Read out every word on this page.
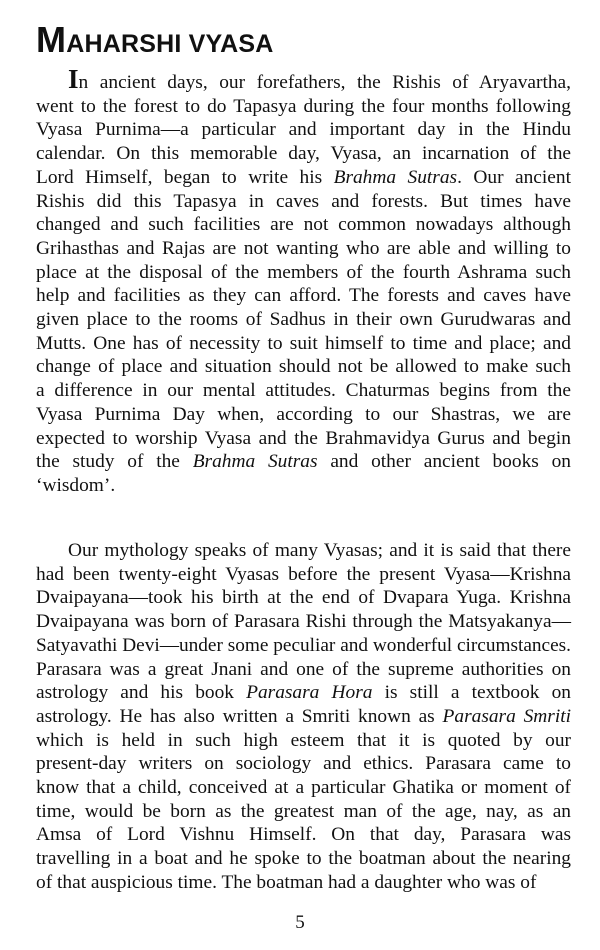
MAHARSHI VYASA
In ancient days, our forefathers, the Rishis of Aryavartha,
went to the forest to do Tapasya during the four months following
Vyasa Purnima—a particular and important day in the Hindu
calendar. On this memorable day, Vyasa, an incarnation of the
Lord Himself, began to write his Brahma Sutras. Our ancient
Rishis did this Tapasya in caves and forests. But times have
changed and such facilities are not common nowadays although
Grihasthas and Rajas are not wanting who are able and willing to
place at the disposal of the members of the fourth Ashrama such
help and facilities as they can afford. The forests and caves have
given place to the rooms of Sadhus in their own Gurudwaras and
Mutts. One has of necessity to suit himself to time and place; and
change of place and situation should not be allowed to make such
a difference in our mental attitudes. Chaturmas begins from the
Vyasa Purnima Day when, according to our Shastras, we are
expected to worship Vyasa and the Brahmavidya Gurus and begin
the study of the Brahma Sutras and other ancient books on
‘wisdom’.
Our mythology speaks of many Vyasas; and it is said that there
had been twenty-eight Vyasas before the present Vyasa—Krishna
Dvaipayana—took his birth at the end of Dvapara Yuga. Krishna
Dvaipayana was born of Parasara Rishi through the Matsyakanya—
Satyavathi Devi—under some peculiar and wonderful circumstances.
Parasara was a great Jnani and one of the supreme authorities on
astrology and his book Parasara Hora is still a textbook on
astrology. He has also written a Smriti known as Parasara Smriti
which is held in such high esteem that it is quoted by our
present-day writers on sociology and ethics. Parasara came to
know that a child, conceived at a particular Ghatika or moment of
time, would be born as the greatest man of the age, nay, as an
Amsa of Lord Vishnu Himself. On that day, Parasara was
travelling in a boat and he spoke to the boatman about the nearing
of that auspicious time. The boatman had a daughter who was of
5
